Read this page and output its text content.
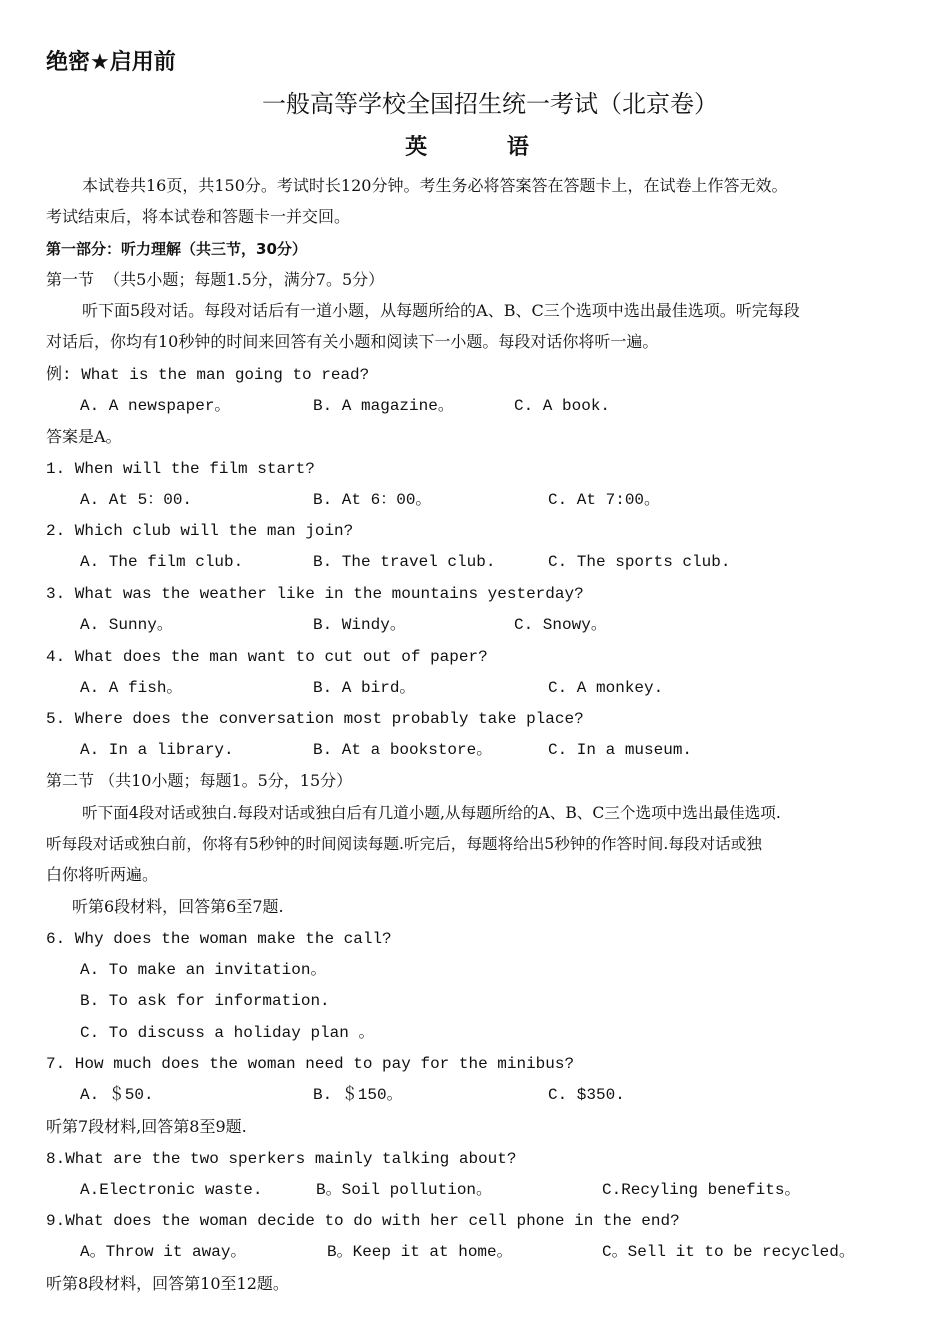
绝密★启用前
一般高等学校全国招生统一考试（北京卷）
英 语
本试卷共16页，共150分。考试时长120分钟。考生务必将答案答在答题卡上，在试卷上作答无效。
考试结束后，将本试卷和答题卡一并交回。
第一部分：听力理解（共三节，30分）
第一节  （共5小题；每题1.5分，满分7。5分）
听下面5段对话。每段对话后有一道小题，从每题所给的A、B、C三个选项中选出最佳选项。听完每段
对话后，你均有10秒钟的时间来回答有关小题和阅读下一小题。每段对话你将听一遍。
例: What is the man going to read?
A. A newspaper。	B. A magazine。	C. A book.
答案是A。
1. When will the film start?
A. At 5：00.	B. At 6：00。	C. At 7:00。
2. Which club will the man join?
A. The film club.	B. The travel club.	C. The sports club.
3. What was the weather like in the mountains yesterday?
A. Sunny。	B. Windy。	C. Snowy。
4. What does the man want to cut out of paper?
A. A fish。	B. A bird。	C. A monkey.
5. Where does the conversation most probably take place?
A. In a library.	B. At a bookstore。	C. In a museum.
第二节 （共10小题；每题1。5分，15分）
听下面4段对话或独白.每段对话或独白后有几道小题,从每题所给的A、B、C三个选项中选出最佳选项.
听每段对话或独白前，你将有5秒钟的时间阅读每题.听完后，每题将给出5秒钟的作答时间.每段对话或独
白你将听两遍。
听第6段材料，回答第6至7题.
6. Why does the woman make the call?
A. To make an invitation。
B. To ask for information.
C. To discuss a holiday plan 。
7. How much does the woman need to pay for the minibus?
A. ＄50.	B. ＄150。	C. $350.
听第7段材料,回答第8至9题.
8.What are the two sperkers mainly talking about?
A.Electronic waste.	B。Soil pollution。	C.Recyling benefits。
9.What does the woman decide to do with her cell phone in the end?
A。Throw it away。	B。Keep it at home。	C。Sell it to be recycled。
听第8段材料，回答第10至12题。
